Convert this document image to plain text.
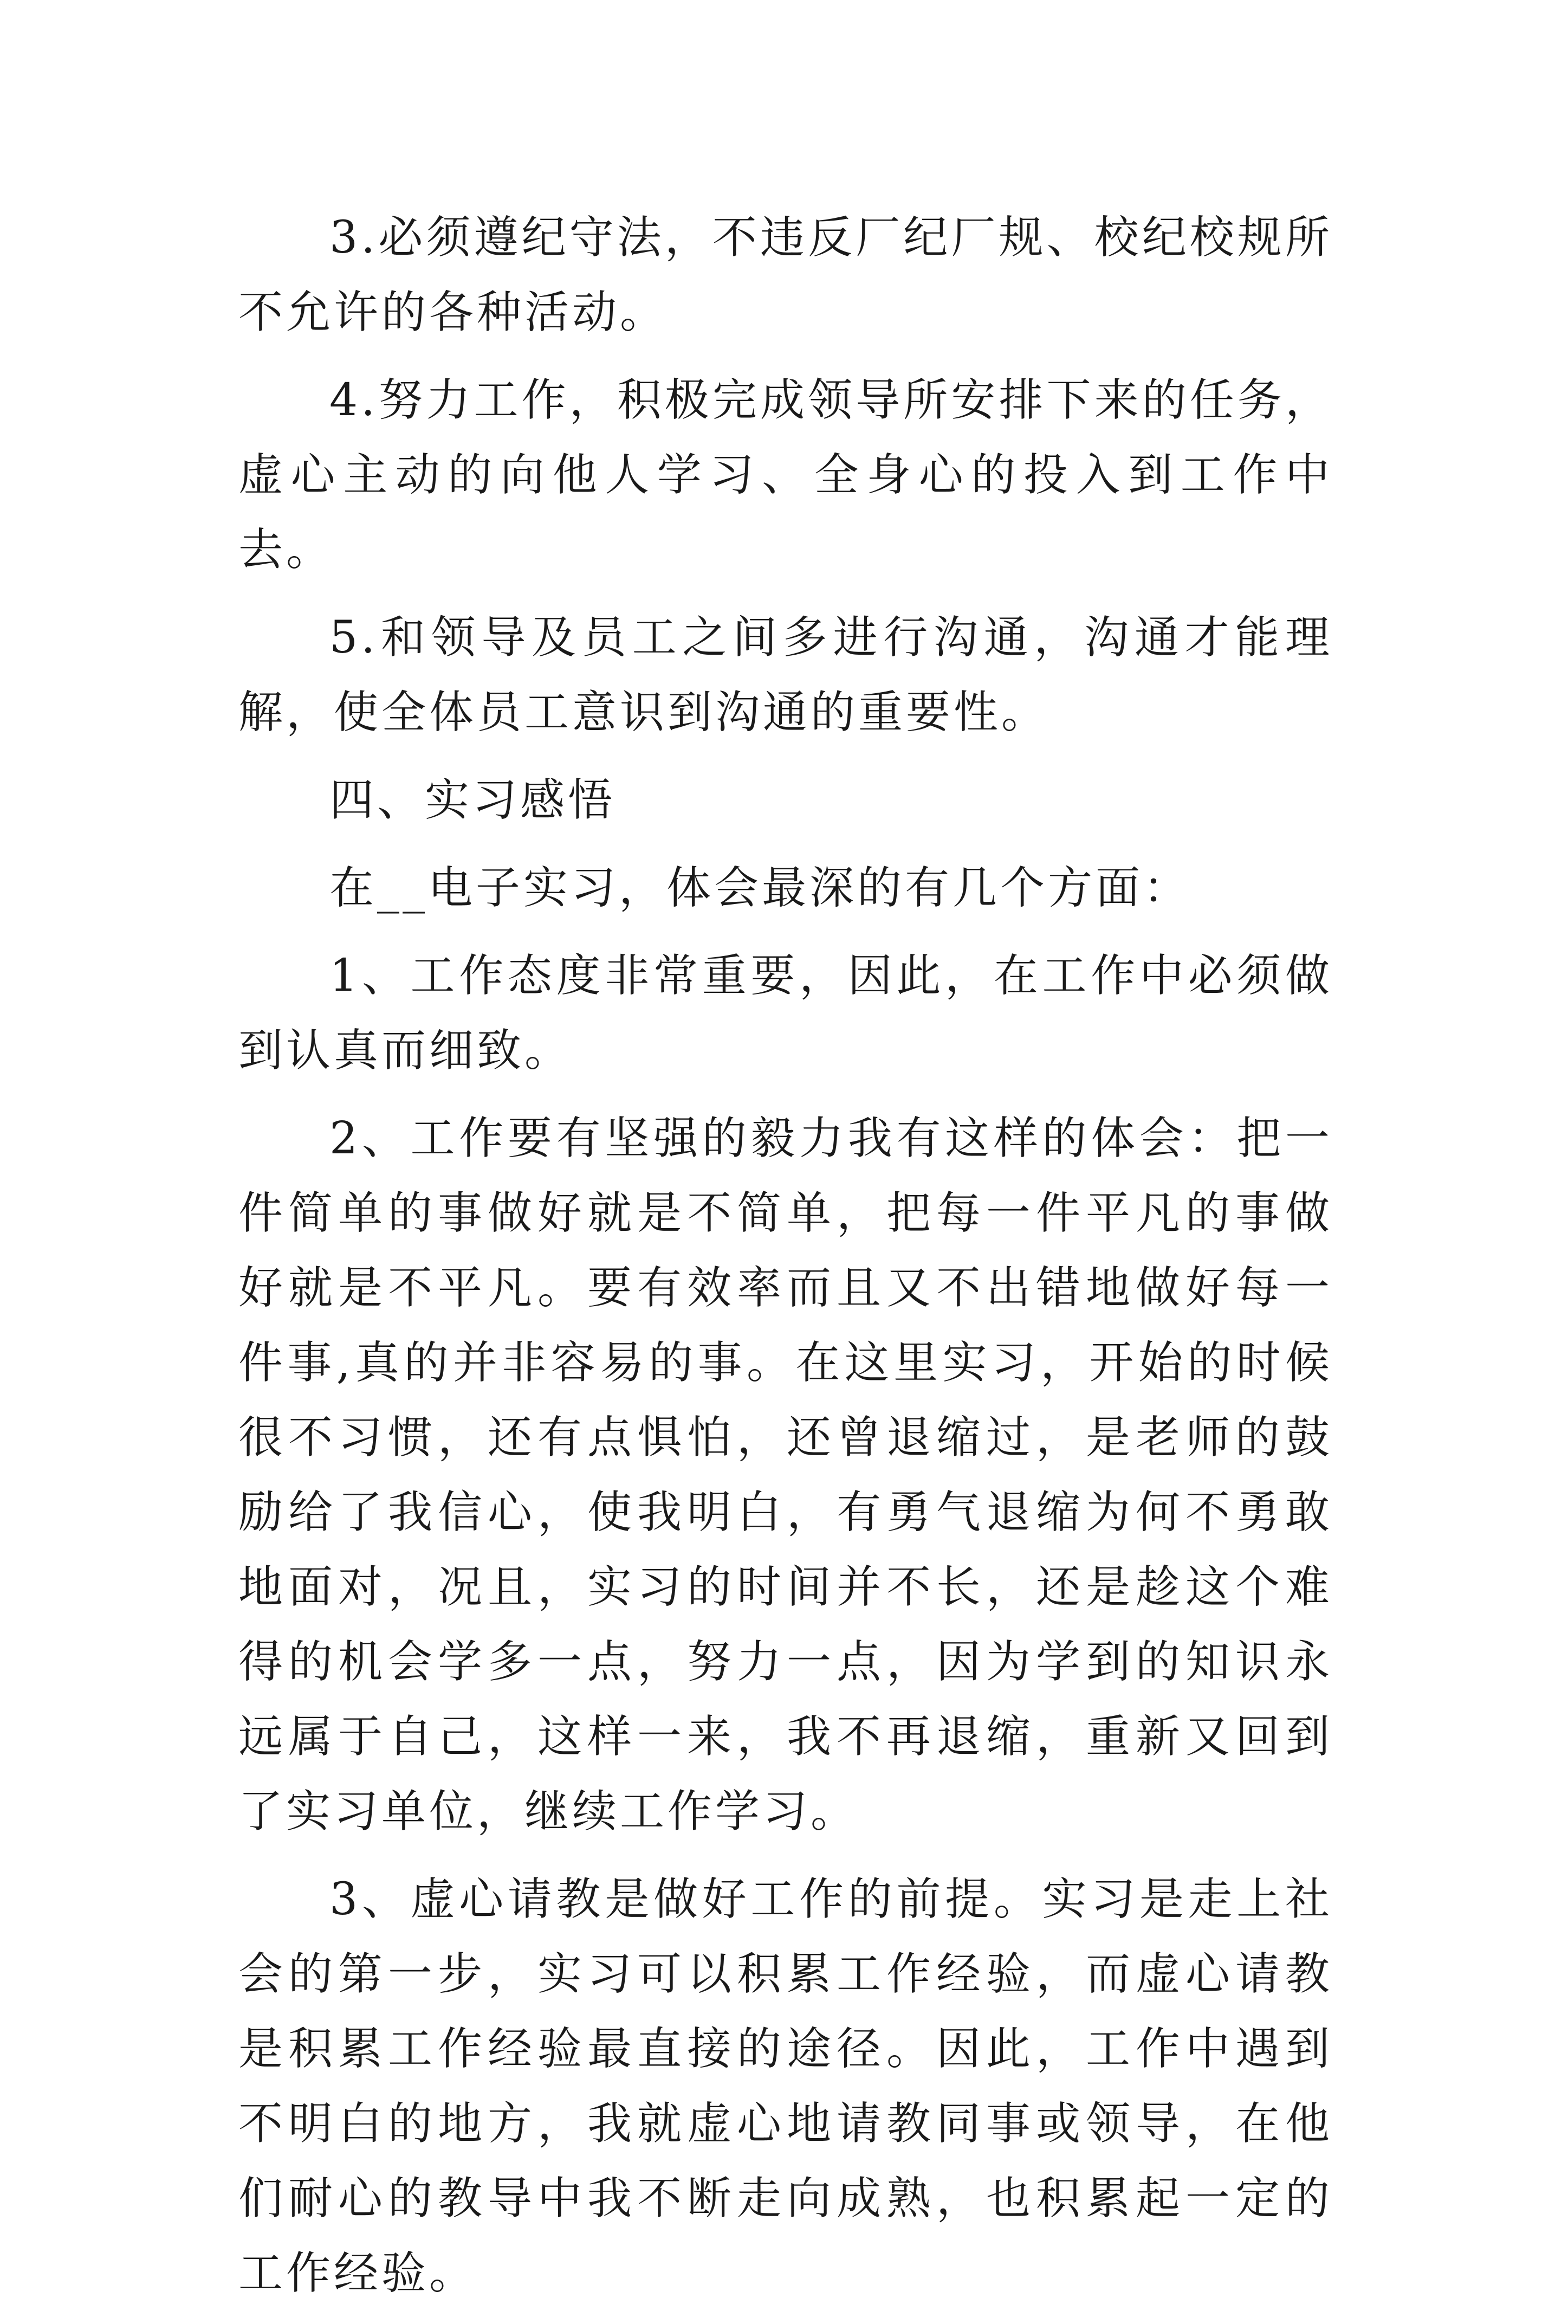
3.必须遵纪守法，不违反厂纪厂规、校纪校规所不允许的各种活动。

4.努力工作，积极完成领导所安排下来的任务，虚心主动的向他人学习、全身心的投入到工作中去。

5.和领导及员工之间多进行沟通，沟通才能理解，使全体员工意识到沟通的重要性。

四、实习感悟

在__电子实习，体会最深的有几个方面：

1、工作态度非常重要，因此，在工作中必须做到认真而细致。

2、工作要有坚强的毅力我有这样的体会：把一件简单的事做好就是不简单，把每一件平凡的事做好就是不平凡。要有效率而且又不出错地做好每一件事,真的并非容易的事。在这里实习，开始的时候很不习惯，还有点惧怕，还曾退缩过，是老师的鼓励给了我信心，使我明白，有勇气退缩为何不勇敢地面对，况且，实习的时间并不长，还是趁这个难得的机会学多一点，努力一点，因为学到的知识永远属于自己，这样一来，我不再退缩，重新又回到了实习单位，继续工作学习。

3、虚心请教是做好工作的前提。实习是走上社会的第一步，实习可以积累工作经验，而虚心请教是积累工作经验最直接的途径。因此，工作中遇到不明白的地方，我就虚心地请教同事或领导，在他们耐心的教导中我不断走向成熟，也积累起一定的工作经验。
